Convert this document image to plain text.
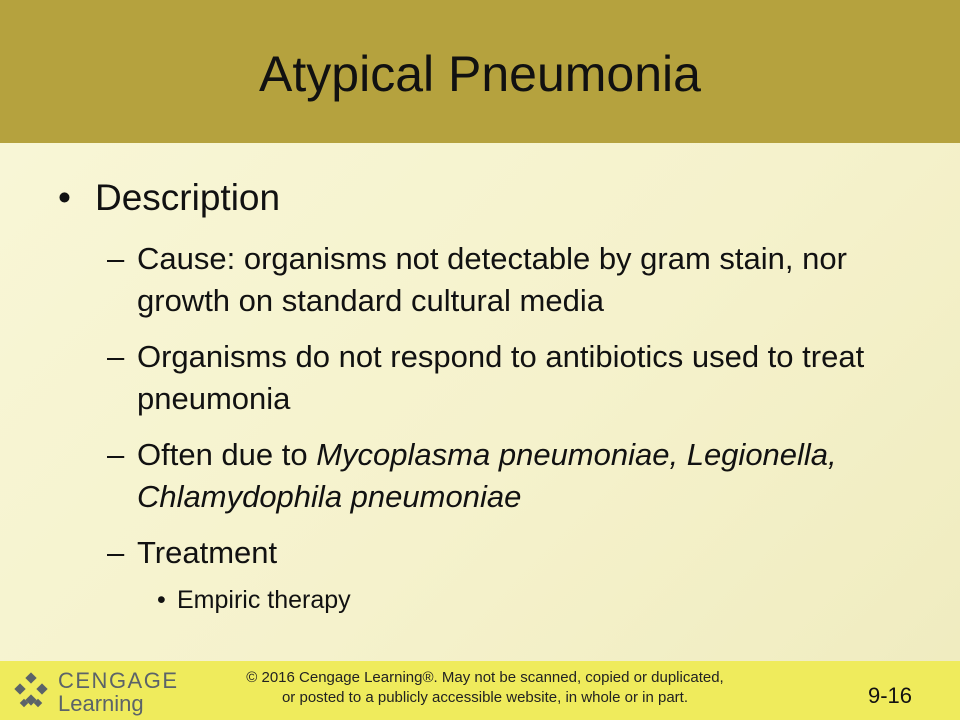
Atypical Pneumonia
• Description
– Cause: organisms not detectable by gram stain, nor growth on standard cultural media
– Organisms do not respond to antibiotics used to treat pneumonia
– Often due to Mycoplasma pneumoniae, Legionella, Chlamydophila pneumoniae
– Treatment
• Empiric therapy
CENGAGE
Learning
© 2016 Cengage Learning®. May not be scanned, copied or duplicated,
or posted to a publicly accessible website, in whole or in part.	9-16
